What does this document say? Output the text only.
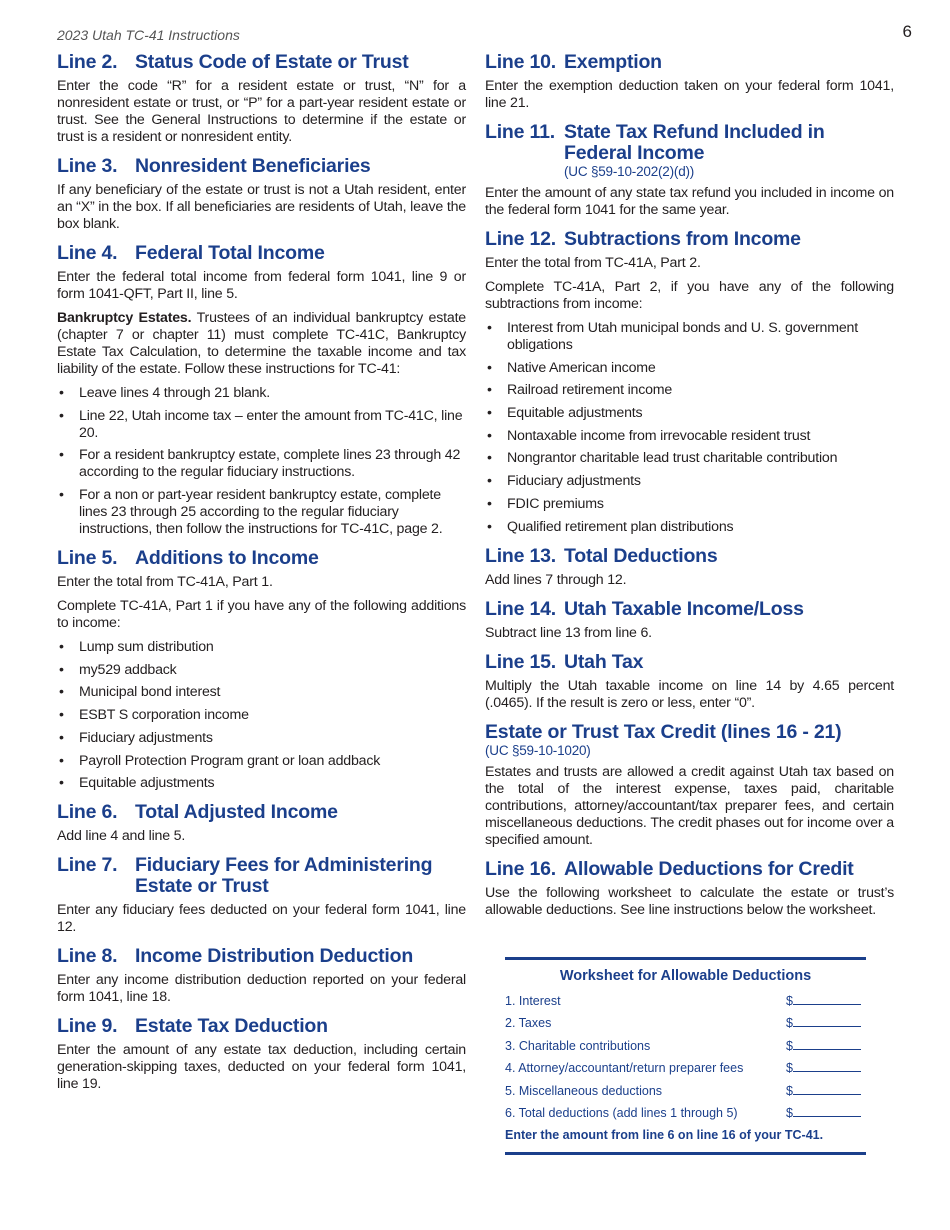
2023 Utah TC-41 Instructions	6
Line 2. Status Code of Estate or Trust

Enter the code “R” for a resident estate or trust, “N” for a nonresident estate or trust, or “P” for a part-year resident estate or trust. See the General Instructions to determine if the estate or trust is a resident or nonresident entity.

Line 3. Nonresident Beneficiaries

If any beneficiary of the estate or trust is not a Utah resident, enter an “X” in the box. If all beneficiaries are residents of Utah, leave the box blank.

Line 4. Federal Total Income

Enter the federal total income from federal form 1041, line 9 or form 1041-QFT, Part II, line 5.

Bankruptcy Estates. Trustees of an individual bankruptcy estate (chapter 7 or chapter 11) must complete TC-41C, Bankruptcy Estate Tax Calculation, to determine the taxable income and tax liability of the estate. Follow these instructions for TC-41:

• Leave lines 4 through 21 blank.
• Line 22, Utah income tax – enter the amount from TC-41C, line 20.
• For a resident bankruptcy estate, complete lines 23 through 42 according to the regular fiduciary instructions.
• For a non or part-year resident bankruptcy estate, complete lines 23 through 25 according to the regular fiduciary instructions, then follow the instructions for TC-41C, page 2.
Line 5. Additions to Income

Enter the total from TC-41A, Part 1.

Complete TC-41A, Part 1 if you have any of the following additions to income:

• Lump sum distribution
• my529 addback
• Municipal bond interest
• ESBT S corporation income
• Fiduciary adjustments
• Payroll Protection Program grant or loan addback
• Equitable adjustments
Line 6. Total Adjusted Income

Add line 4 and line 5.

Line 7. Fiduciary Fees for Administering Estate or Trust

Enter any fiduciary fees deducted on your federal form 1041, line 12.

Line 8. Income Distribution Deduction

Enter any income distribution deduction reported on your federal form 1041, line 18.

Line 9. Estate Tax Deduction

Enter the amount of any estate tax deduction, including certain generation-skipping taxes, deducted on your federal form 1041, line 19.

Line 10. Exemption

Enter the exemption deduction taken on your federal form 1041, line 21.

Line 11. State Tax Refund Included in Federal Income
(UC §59-10-202(2)(d))

Enter the amount of any state tax refund you included in income on the federal form 1041 for the same year.

Line 12. Subtractions from Income

Enter the total from TC-41A, Part 2.

Complete TC-41A, Part 2, if you have any of the following subtractions from income:

• Interest from Utah municipal bonds and U. S. government obligations
• Native American income
• Railroad retirement income
• Equitable adjustments
• Nontaxable income from irrevocable resident trust
• Nongrantor charitable lead trust charitable contribution
• Fiduciary adjustments
• FDIC premiums
• Qualified retirement plan distributions
Line 13. Total Deductions

Add lines 7 through 12.

Line 14. Utah Taxable Income/Loss

Subtract line 13 from line 6.

Line 15. Utah Tax

Multiply the Utah taxable income on line 14 by 4.65 percent (.0465). If the result is zero or less, enter “0”.

Estate or Trust Tax Credit (lines 16 - 21)
(UC §59-10-1020)

Estates and trusts are allowed a credit against Utah tax based on the total of the interest expense, taxes paid, charitable contributions, attorney/accountant/tax preparer fees, and certain miscellaneous deductions. The credit phases out for income over a specified amount.

Line 16. Allowable Deductions for Credit

Use the following worksheet to calculate the estate or trust’s allowable deductions. See line instructions below the worksheet.

Worksheet for Allowable Deductions
1. Interest	$
2. Taxes	$
3. Charitable contributions	$
4. Attorney/accountant/return preparer fees	$
5. Miscellaneous deductions	$
6. Total deductions (add lines 1 through 5)	$
Enter the amount from line 6 on line 16 of your TC-41.
